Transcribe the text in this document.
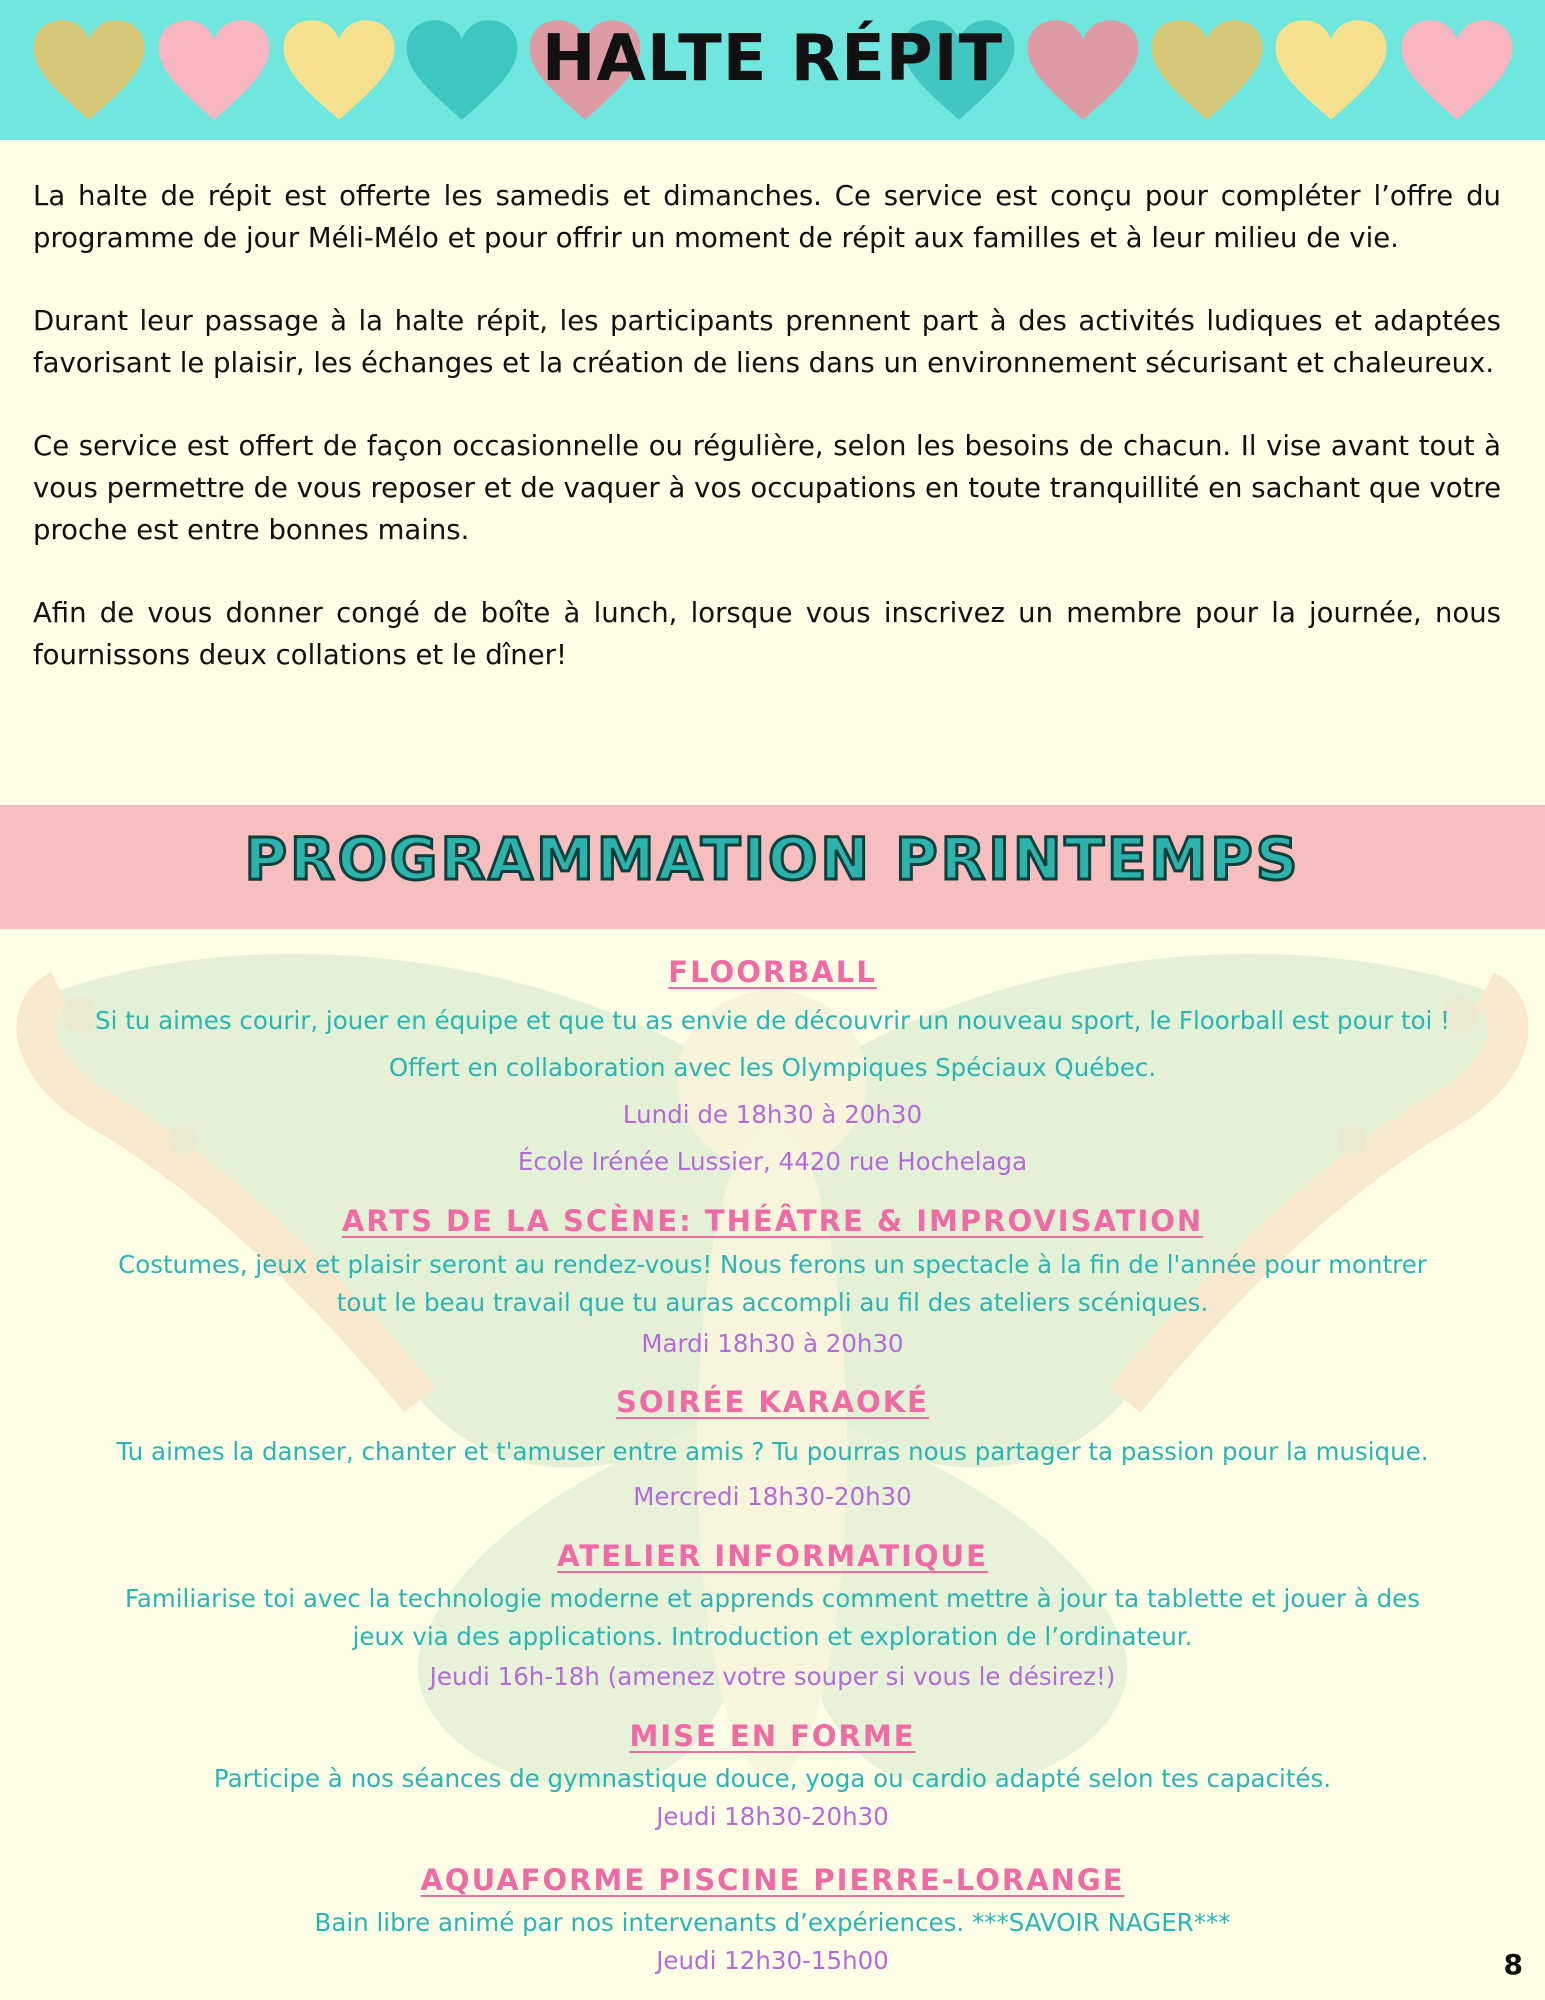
HALTE RÉPIT

La halte de répit est offerte les samedis et dimanches. Ce service est conçu pour compléter l’offre du programme de jour Méli-Mélo et pour offrir un moment de répit aux familles et à leur milieu de vie.

Durant leur passage à la halte répit, les participants prennent part à des activités ludiques et adaptées favorisant le plaisir, les échanges et la création de liens dans un environnement sécurisant et chaleureux.

Ce service est offert de façon occasionnelle ou régulière, selon les besoins de chacun. Il vise avant tout à vous permettre de vous reposer et de vaquer à vos occupations en toute tranquillité en sachant que votre proche est entre bonnes mains.

Afin de vous donner congé de boîte à lunch, lorsque vous inscrivez un membre pour la journée, nous fournissons deux collations et le dîner!

PROGRAMMATION PRINTEMPS
FLOORBALL

Si tu aimes courir, jouer en équipe et que tu as envie de découvrir un nouveau sport, le Floorball est pour toi !

Offert en collaboration avec les Olympiques Spéciaux Québec.

Lundi de 18h30 à 20h30

École Irénée Lussier, 4420 rue Hochelaga

ARTS DE LA SCÈNE: THÉÂTRE & IMPROVISATION

Costumes, jeux et plaisir seront au rendez-vous! Nous ferons un spectacle à la fin de l'année pour montrer

tout le beau travail que tu auras accompli au fil des ateliers scéniques.

Mardi 18h30 à 20h30

SOIRÉE KARAOKÉ

Tu aimes la danser, chanter et t'amuser entre amis ? Tu pourras nous partager ta passion pour la musique.

Mercredi 18h30-20h30

ATELIER INFORMATIQUE

Familiarise toi avec la technologie moderne et apprends comment mettre à jour ta tablette et jouer à des

jeux via des applications. Introduction et exploration de l’ordinateur.

Jeudi 16h-18h (amenez votre souper si vous le désirez!)

MISE EN FORME

Participe à nos séances de gymnastique douce, yoga ou cardio adapté selon tes capacités.

Jeudi 18h30-20h30

AQUAFORME PISCINE PIERRE-LORANGE

Bain libre animé par nos intervenants d’expériences. ***SAVOIR NAGER***

Jeudi 12h30-15h00	8
